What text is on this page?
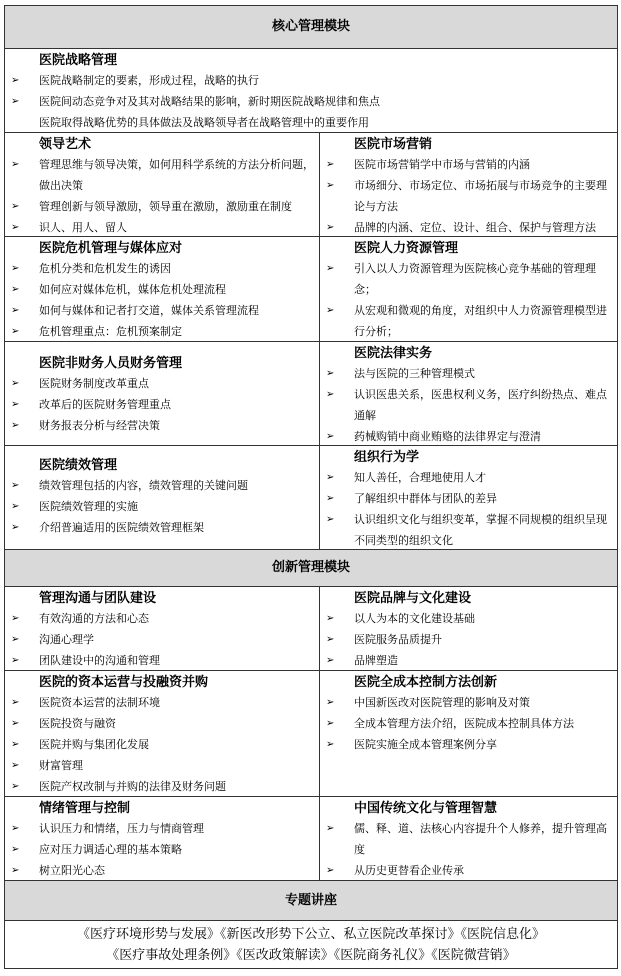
核心管理模块
医院战略管理
➢ 医院战略制定的要素，形成过程，战略的执行
➢ 医院间动态竞争对及其对战略结果的影响，新时期医院战略规律和焦点
医院取得战略优势的具体做法及战略领导者在战略管理中的重要作用
领导艺术
➢ 管理思维与领导决策，如何用科学系统的方法分析问题，做出决策
➢ 管理创新与领导激励，领导重在激励，激励重在制度
➢ 识人、用人、留人
医院市场营销
➢ 医院市场营销学中市场与营销的内涵
➢ 市场细分、市场定位、市场拓展与市场竞争的主要理论与方法
➢ 品牌的内涵、定位、设计、组合、保护与管理方法
医院危机管理与媒体应对
➢ 危机分类和危机发生的诱因
➢ 如何应对媒体危机，媒体危机处理流程
➢ 如何与媒体和记者打交道，媒体关系管理流程
➢ 危机管理重点：危机预案制定
医院人力资源管理
➢ 引入以人力资源管理为医院核心竞争基础的管理理念；
➢ 从宏观和微观的角度，对组织中人力资源管理模型进行分析；
医院非财务人员财务管理
➢ 医院财务制度改革重点
➢ 改革后的医院财务管理重点
➢ 财务报表分析与经营决策
医院法律实务
➢ 法与医院的三种管理模式
➢ 认识医患关系，医患权利义务，医疗纠纷热点、难点通解
➢ 药械购销中商业贿赂的法律界定与澄清
医院绩效管理
➢ 绩效管理包括的内容，绩效管理的关键问题
➢ 医院绩效管理的实施
➢ 介绍普遍适用的医院绩效管理框架
组织行为学
➢ 知人善任，合理地使用人才
➢ 了解组织中群体与团队的差异
➢ 认识组织文化与组织变革，掌握不同规模的组织呈现不同类型的组织文化
创新管理模块
管理沟通与团队建设
➢ 有效沟通的方法和心态
➢ 沟通心理学
➢ 团队建设中的沟通和管理
医院品牌与文化建设
➢ 以人为本的文化建设基础
➢ 医院服务品质提升
➢ 品牌塑造
医院的资本运营与投融资并购
➢ 医院资本运营的法制环境
➢ 医院投资与融资
➢ 医院并购与集团化发展
➢ 财富管理
➢ 医院产权改制与并购的法律及财务问题
医院全成本控制方法创新
➢ 中国新医改对医院管理的影响及对策
➢ 全成本管理方法介绍，医院成本控制具体方法
➢ 医院实施全成本管理案例分享
情绪管理与控制
➢ 认识压力和情绪，压力与情商管理
➢ 应对压力调适心理的基本策略
➢ 树立阳光心态
中国传统文化与管理智慧
➢ 儒、释、道、法核心内容提升个人修养，提升管理高度
➢ 从历史更替看企业传承
专题讲座
《医疗环境形势与发展》《新医改形势下公立、私立医院改革探讨》《医院信息化》
《医疗事故处理条例》《医改政策解读》《医院商务礼仪》《医院微营销》
